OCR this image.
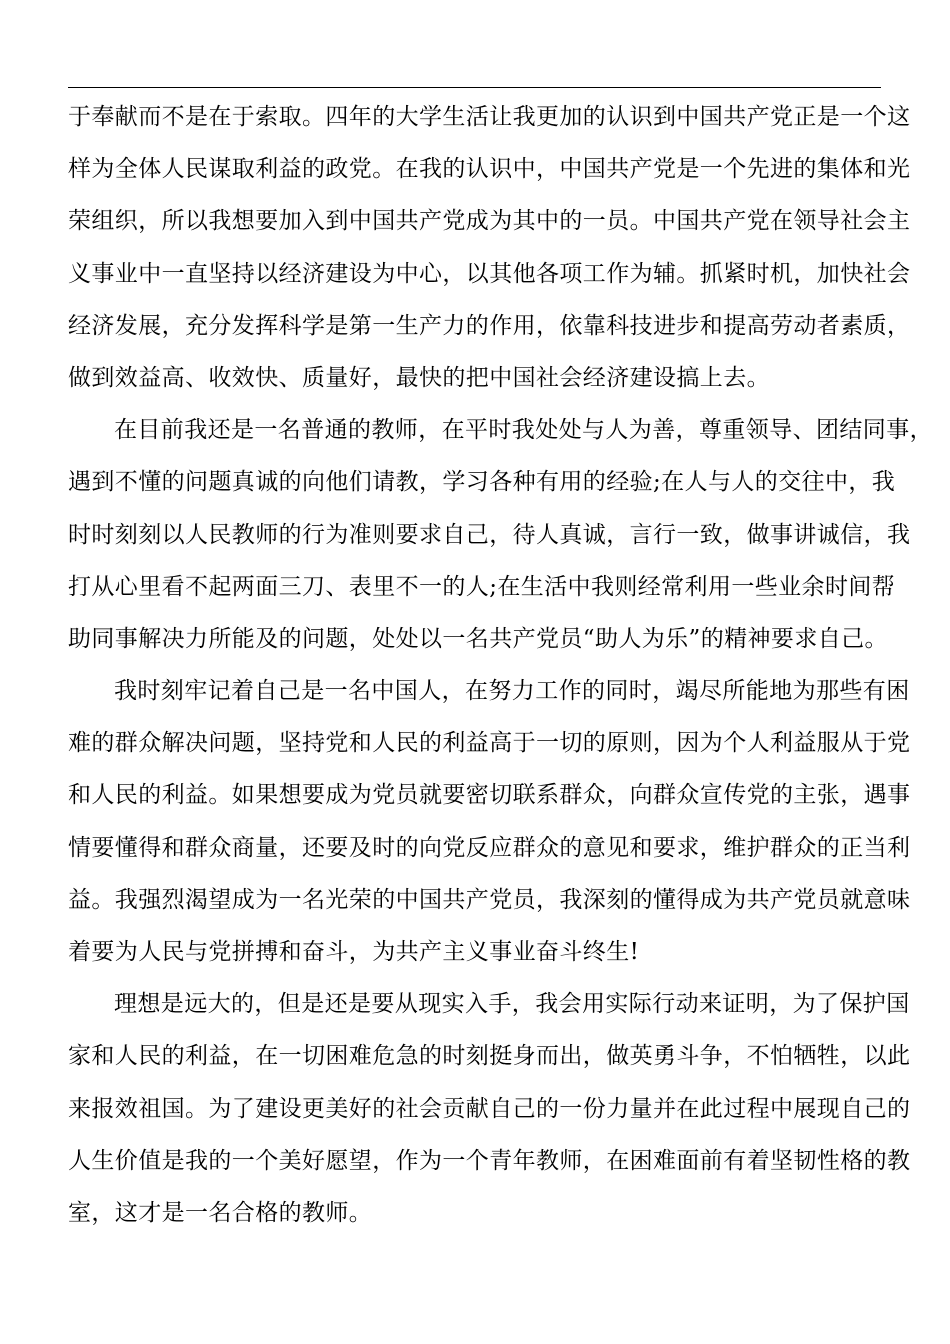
于奉献而不是在于索取。四年的大学生活让我更加的认识到中国共产党正是一个这
样为全体人民谋取利益的政党。在我的认识中，中国共产党是一个先进的集体和光
荣组织，所以我想要加入到中国共产党成为其中的一员。中国共产党在领导社会主
义事业中一直坚持以经济建设为中心，以其他各项工作为辅。抓紧时机，加快社会
经济发展，充分发挥科学是第一生产力的作用，依靠科技进步和提高劳动者素质，
做到效益高、收效快、质量好，最快的把中国社会经济建设搞上去。
在目前我还是一名普通的教师，在平时我处处与人为善，尊重领导、团结同事，
遇到不懂的问题真诚的向他们请教，学习各种有用的经验;在人与人的交往中，我
时时刻刻以人民教师的行为准则要求自己，待人真诚，言行一致，做事讲诚信，我
打从心里看不起两面三刀、表里不一的人;在生活中我则经常利用一些业余时间帮
助同事解决力所能及的问题，处处以一名共产党员“助人为乐”的精神要求自己。
我时刻牢记着自己是一名中国人，在努力工作的同时，竭尽所能地为那些有困
难的群众解决问题，坚持党和人民的利益高于一切的原则，因为个人利益服从于党
和人民的利益。如果想要成为党员就要密切联系群众，向群众宣传党的主张，遇事
情要懂得和群众商量，还要及时的向党反应群众的意见和要求，维护群众的正当利
益。我强烈渴望成为一名光荣的中国共产党员，我深刻的懂得成为共产党员就意味
着要为人民与党拼搏和奋斗，为共产主义事业奋斗终生!
理想是远大的，但是还是要从现实入手，我会用实际行动来证明，为了保护国
家和人民的利益，在一切困难危急的时刻挺身而出，做英勇斗争，不怕牺牲，以此
来报效祖国。为了建设更美好的社会贡献自己的一份力量并在此过程中展现自己的
人生价值是我的一个美好愿望，作为一个青年教师，在困难面前有着坚韧性格的教
室，这才是一名合格的教师。
